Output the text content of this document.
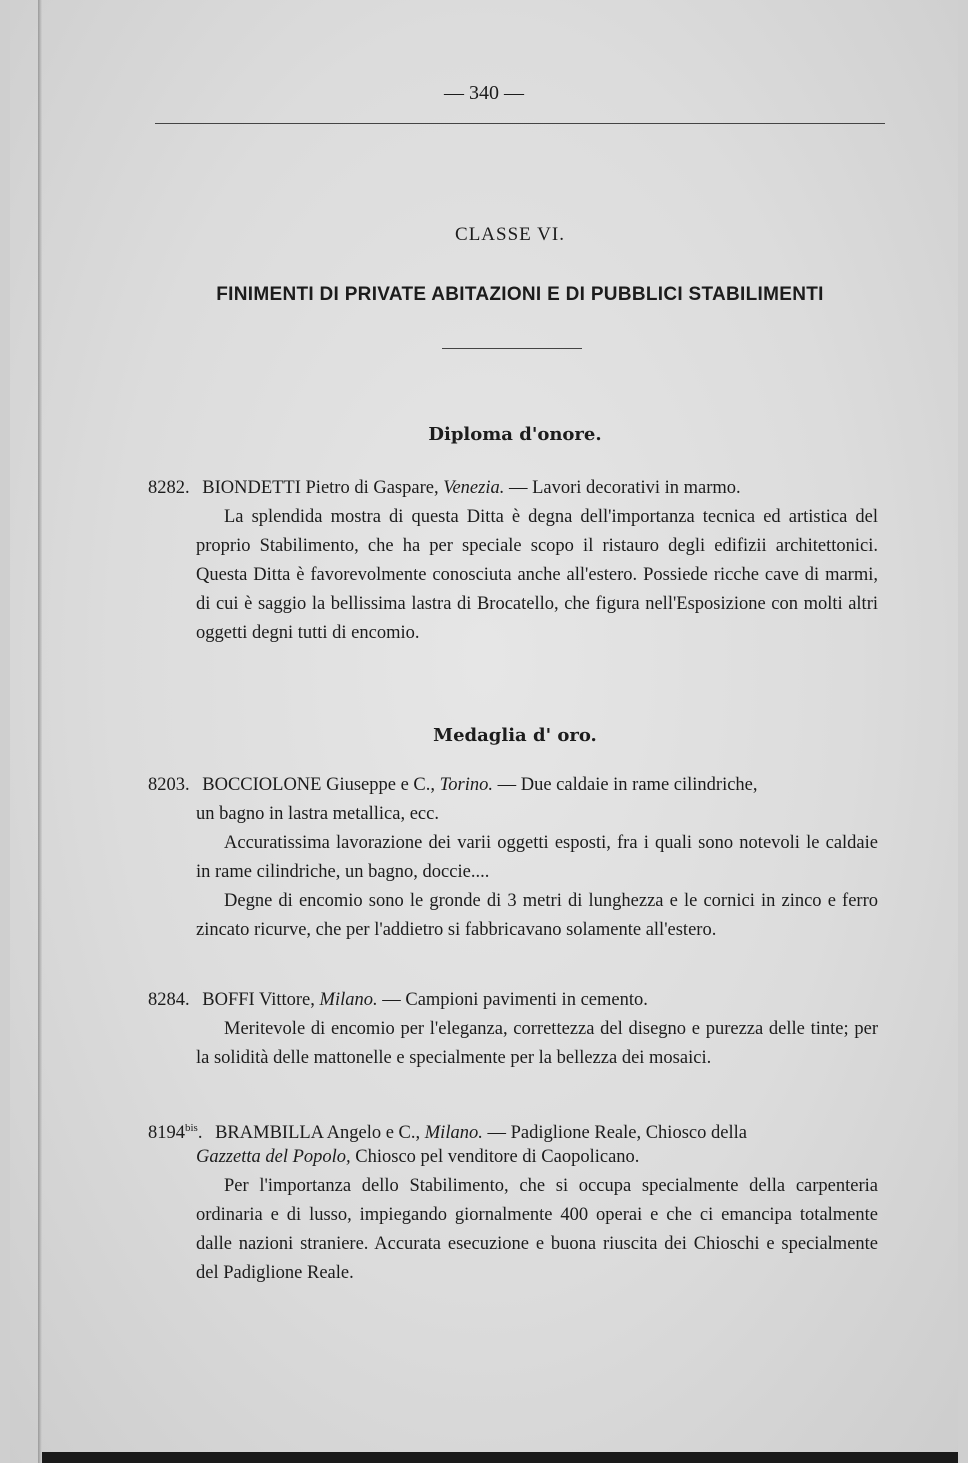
— 340 —
CLASSE VI.
FINIMENTI DI PRIVATE ABITAZIONI E DI PUBBLICI STABILIMENTI
Diploma d'onore.
8282. BIONDETTI Pietro di Gaspare, Venezia. — Lavori decorativi in marmo.
La splendida mostra di questa Ditta è degna dell'importanza tecnica ed artistica del proprio Stabilimento, che ha per speciale scopo il ristauro degli edifizii architettonici. Questa Ditta è favorevolmente conosciuta anche all'estero. Possiede ricche cave di marmi, di cui è saggio la bellissima lastra di Brocatello, che figura nell'Esposizione con molti altri oggetti degni tutti di encomio.
Medaglia d' oro.
8203. BOCCIOLONE Giuseppe e C., Torino. — Due caldaie in rame cilindriche,
un bagno in lastra metallica, ecc.
Accuratissima lavorazione dei varii oggetti esposti, fra i quali sono notevoli le caldaie in rame cilindriche, un bagno, doccie....
Degne di encomio sono le gronde di 3 metri di lunghezza e le cornici in zinco e ferro zincato ricurve, che per l'addietro si fabbricavano solamente all'estero.
8284. BOFFI Vittore, Milano. — Campioni pavimenti in cemento.
Meritevole di encomio per l'eleganza, correttezza del disegno e purezza delle tinte; per la solidità delle mattonelle e specialmente per la bellezza dei mosaici.
$8194^{bis}$. BRAMBILLA Angelo e C., Milano. — Padiglione Reale, Chiosco della
Gazzetta del Popolo, Chiosco pel venditore di Caopolicano.
Per l'importanza dello Stabilimento, che si occupa specialmente della carpenteria ordinaria e di lusso, impiegando giornalmente 400 operai e che ci emancipa totalmente dalle nazioni straniere. Accurata esecuzione e buona riuscita dei Chioschi e specialmente del Padiglione Reale.
